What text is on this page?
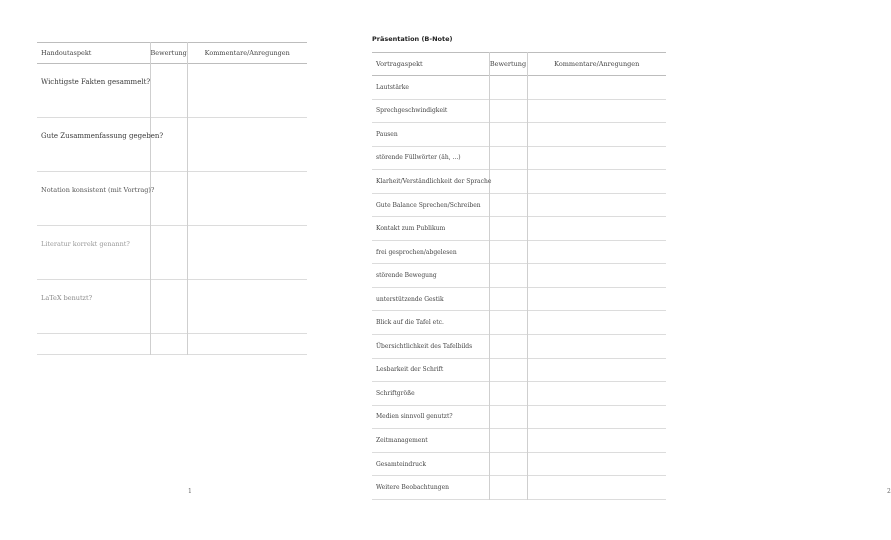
Handoutaspekt	Bewertung	Kommentare/Anregungen
Wichtigste Fakten gesammelt?		
Gute Zusammenfassung gegeben?		
Notation konsistent (mit Vortrag)?		
Literatur korrekt genannt?		
LaTeX benutzt?		

1
Präsentation (B-Note)
Vortragaspekt	Bewertung	Kommentare/Anregungen
Lautstärke		
Sprechgeschwindigkeit		
Pausen		
störende Füllwörter (äh, ...)		
Klarheit/Verständlichkeit der Sprache		
Gute Balance Sprechen/Schreiben		
Kontakt zum Publikum		
frei gesprochen/abgelesen		
störende Bewegung		
unterstützende Gestik		
Blick auf die Tafel etc.		
Übersichtlichkeit des Tafelbilds		
Lesbarkeit der Schrift		
Schriftgröße		
Medien sinnvoll genutzt?		
Zeitmanagement		
Gesamteindruck		
Weitere Beobachtungen		
2
